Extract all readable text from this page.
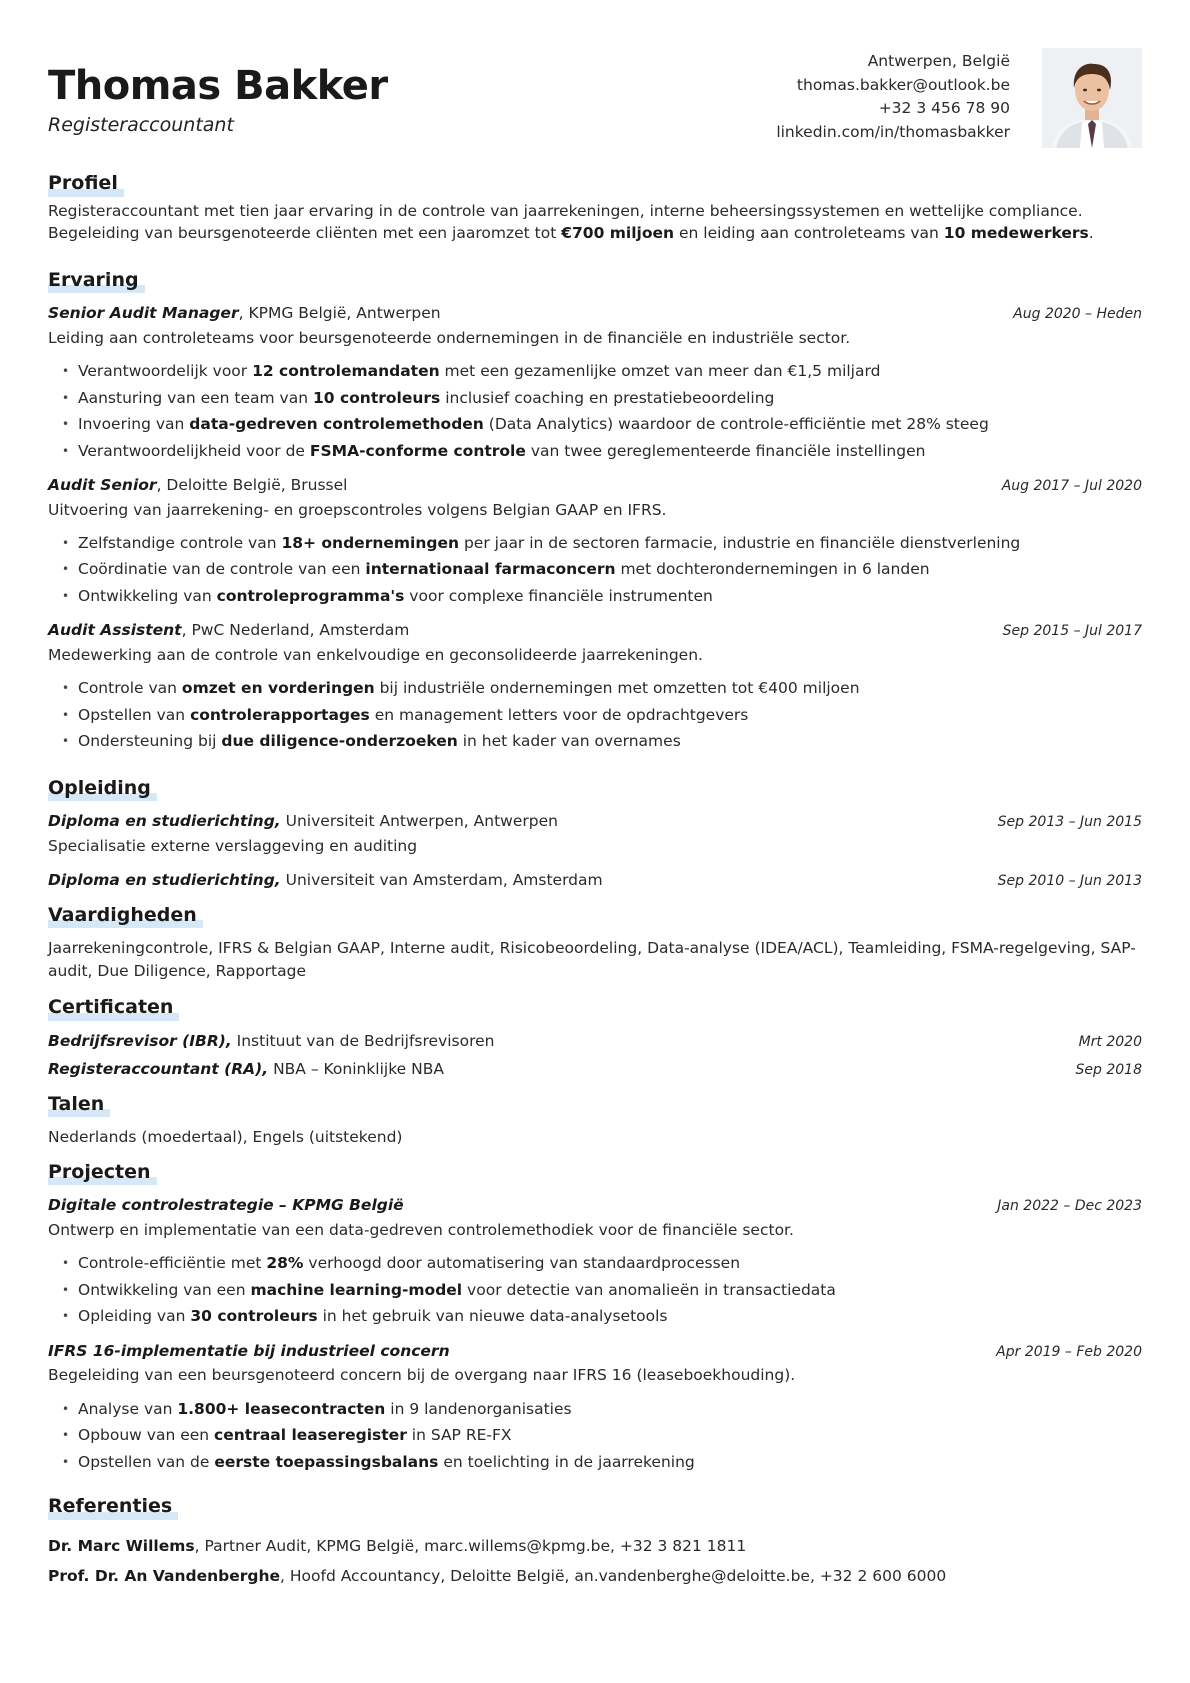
Thomas Bakker
Registeraccountant
Antwerpen, België
thomas.bakker@outlook.be
+32 3 456 78 90
linkedin.com/in/thomasbakker
Profiel
Registeraccountant met tien jaar ervaring in de controle van jaarrekeningen, interne beheersingssystemen en wettelijke compliance. Begeleiding van beursgenoteerde cliënten met een jaaromzet tot €700 miljoen en leiding aan controleteams van 10 medewerkers.
Ervaring
Senior Audit Manager, KPMG België, Antwerpen	Aug 2020 – Heden
Leiding aan controleteams voor beursgenoteerde ondernemingen in de financiële en industriële sector.
• Verantwoordelijk voor 12 controlemandaten met een gezamenlijke omzet van meer dan €1,5 miljard
• Aansturing van een team van 10 controleurs inclusief coaching en prestatiebeoordeling
• Invoering van data-gedreven controlemethoden (Data Analytics) waardoor de controle-efficiëntie met 28% steeg
• Verantwoordelijkheid voor de FSMA-conforme controle van twee gereglementeerde financiële instellingen
Audit Senior, Deloitte België, Brussel	Aug 2017 – Jul 2020
Uitvoering van jaarrekening- en groepscontroles volgens Belgian GAAP en IFRS.
• Zelfstandige controle van 18+ ondernemingen per jaar in de sectoren farmacie, industrie en financiële dienstverlening
• Coördinatie van de controle van een internationaal farmaconcern met dochterondernemingen in 6 landen
• Ontwikkeling van controleprogramma's voor complexe financiële instrumenten
Audit Assistent, PwC Nederland, Amsterdam	Sep 2015 – Jul 2017
Medewerking aan de controle van enkelvoudige en geconsolideerde jaarrekeningen.
• Controle van omzet en vorderingen bij industriële ondernemingen met omzetten tot €400 miljoen
• Opstellen van controlerapportages en management letters voor de opdrachtgevers
• Ondersteuning bij due diligence-onderzoeken in het kader van overnames
Opleiding
Diploma en studierichting, Universiteit Antwerpen, Antwerpen	Sep 2013 – Jun 2015
Specialisatie externe verslaggeving en auditing
Diploma en studierichting, Universiteit van Amsterdam, Amsterdam	Sep 2010 – Jun 2013
Vaardigheden
Jaarrekeningcontrole, IFRS & Belgian GAAP, Interne audit, Risicobeoordeling, Data-analyse (IDEA/ACL), Teamleiding, FSMA-regelgeving, SAP-audit, Due Diligence, Rapportage
Certificaten
Bedrijfsrevisor (IBR), Instituut van de Bedrijfsrevisoren	Mrt 2020
Registeraccountant (RA), NBA – Koninklijke NBA	Sep 2018
Talen
Nederlands (moedertaal), Engels (uitstekend)
Projecten
Digitale controlestrategie – KPMG België	Jan 2022 – Dec 2023
Ontwerp en implementatie van een data-gedreven controlemethodiek voor de financiële sector.
• Controle-efficiëntie met 28% verhoogd door automatisering van standaardprocessen
• Ontwikkeling van een machine learning-model voor detectie van anomalieën in transactiedata
• Opleiding van 30 controleurs in het gebruik van nieuwe data-analysetools
IFRS 16-implementatie bij industrieel concern	Apr 2019 – Feb 2020
Begeleiding van een beursgenoteerd concern bij de overgang naar IFRS 16 (leaseboekhouding).
• Analyse van 1.800+ leasecontracten in 9 landenorganisaties
• Opbouw van een centraal leaseregister in SAP RE-FX
• Opstellen van de eerste toepassingsbalans en toelichting in de jaarrekening
Referenties
Dr. Marc Willems, Partner Audit, KPMG België, marc.willems@kpmg.be, +32 3 821 1811
Prof. Dr. An Vandenberghe, Hoofd Accountancy, Deloitte België, an.vandenberghe@deloitte.be, +32 2 600 6000
